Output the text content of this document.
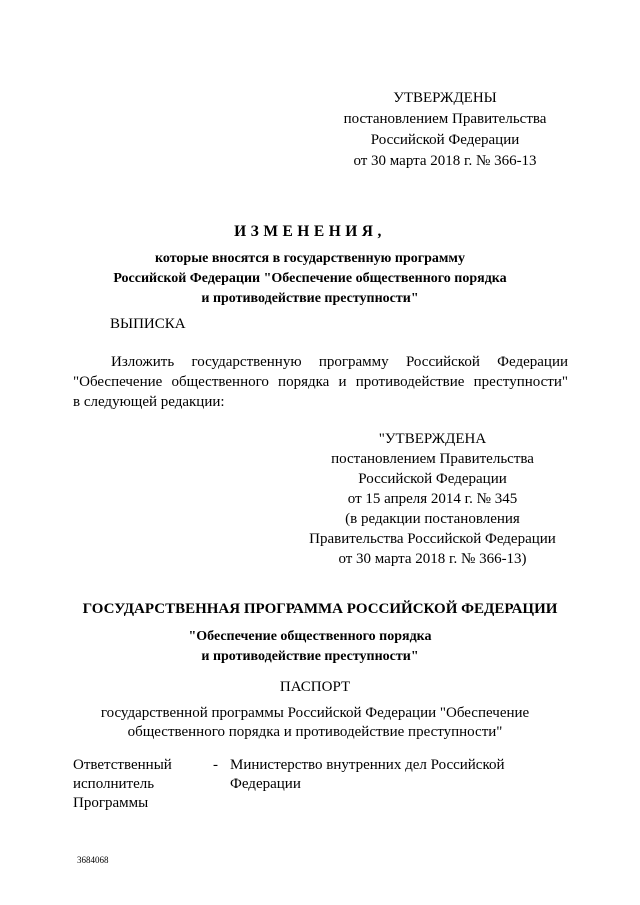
УТВЕРЖДЕНЫ
постановлением Правительства
Российской Федерации
от 30 марта 2018 г. № 366-13
ИЗМЕНЕНИЯ,
которые вносятся в государственную программу
Российской Федерации "Обеспечение общественного порядка
и противодействие преступности"
ВЫПИСКА
Изложить государственную программу Российской Федерации
"Обеспечение общественного порядка и противодействие преступности"
в следующей редакции:
"УТВЕРЖДЕНА
постановлением Правительства
Российской Федерации
от 15 апреля 2014 г. № 345
(в редакции постановления
Правительства Российской Федерации
от 30 марта 2018 г. № 366-13)
ГОСУДАРСТВЕННАЯ ПРОГРАММА РОССИЙСКОЙ ФЕДЕРАЦИИ
"Обеспечение общественного порядка
и противодействие преступности"
ПАСПОРТ
государственной программы Российской Федерации "Обеспечение
общественного порядка и противодействие преступности"
Ответственный
исполнитель
Программы
- Министерство внутренних дел Российской
Федерации
3684068
